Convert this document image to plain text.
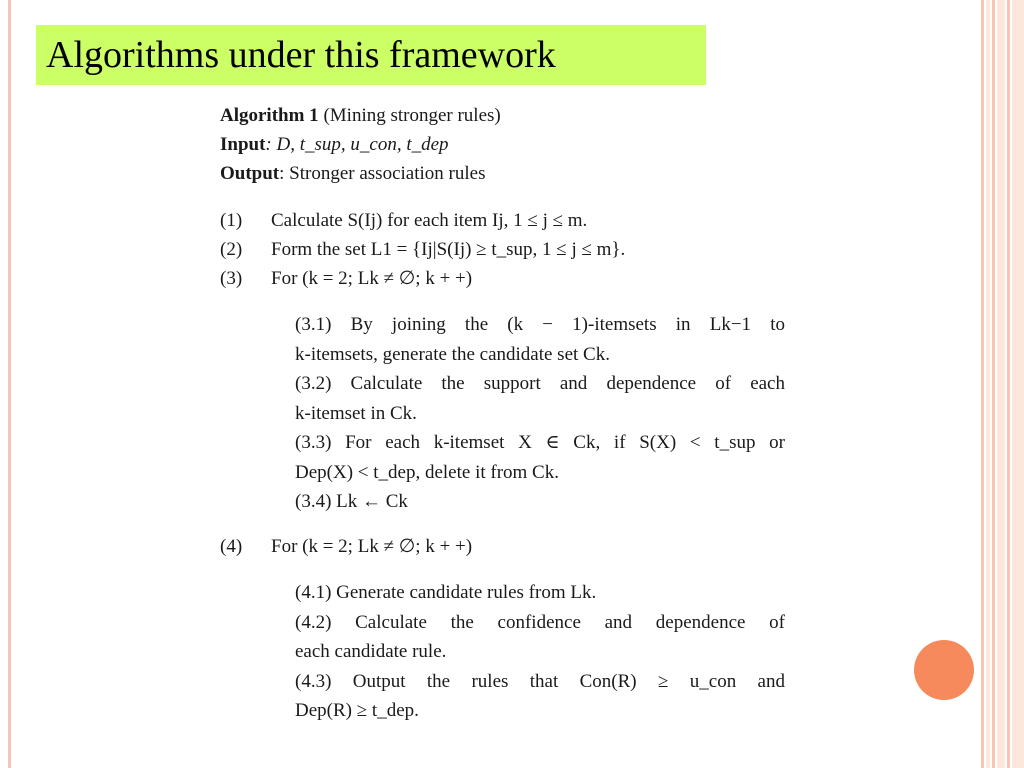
Algorithms under this framework
Algorithm 1 (Mining stronger rules)
Input: D, t_sup, u_con, t_dep
Output: Stronger association rules
(1) Calculate S(Ij) for each item Ij, 1 ≤ j ≤ m.
(2) Form the set L1 = {Ij|S(Ij) ≥ t_sup, 1 ≤ j ≤ m}.
(3) For (k = 2; Lk ≠ ∅; k + +)

(3.1) By joining the (k − 1)-itemsets in Lk−1 to

k-itemsets, generate the candidate set Ck.

(3.2) Calculate the support and dependence of each

k-itemset in Ck.

(3.3) For each k-itemset X ∈ Ck, if S(X) < t_sup or

Dep(X) < t_dep, delete it from Ck.

(3.4) Lk ← Ck

(4) For (k = 2; Lk ≠ ∅; k + +)

(4.1) Generate candidate rules from Lk.

(4.2) Calculate the confidence and dependence of

each candidate rule.

(4.3) Output the rules that Con(R) ≥ u_con and

Dep(R) ≥ t_dep.
